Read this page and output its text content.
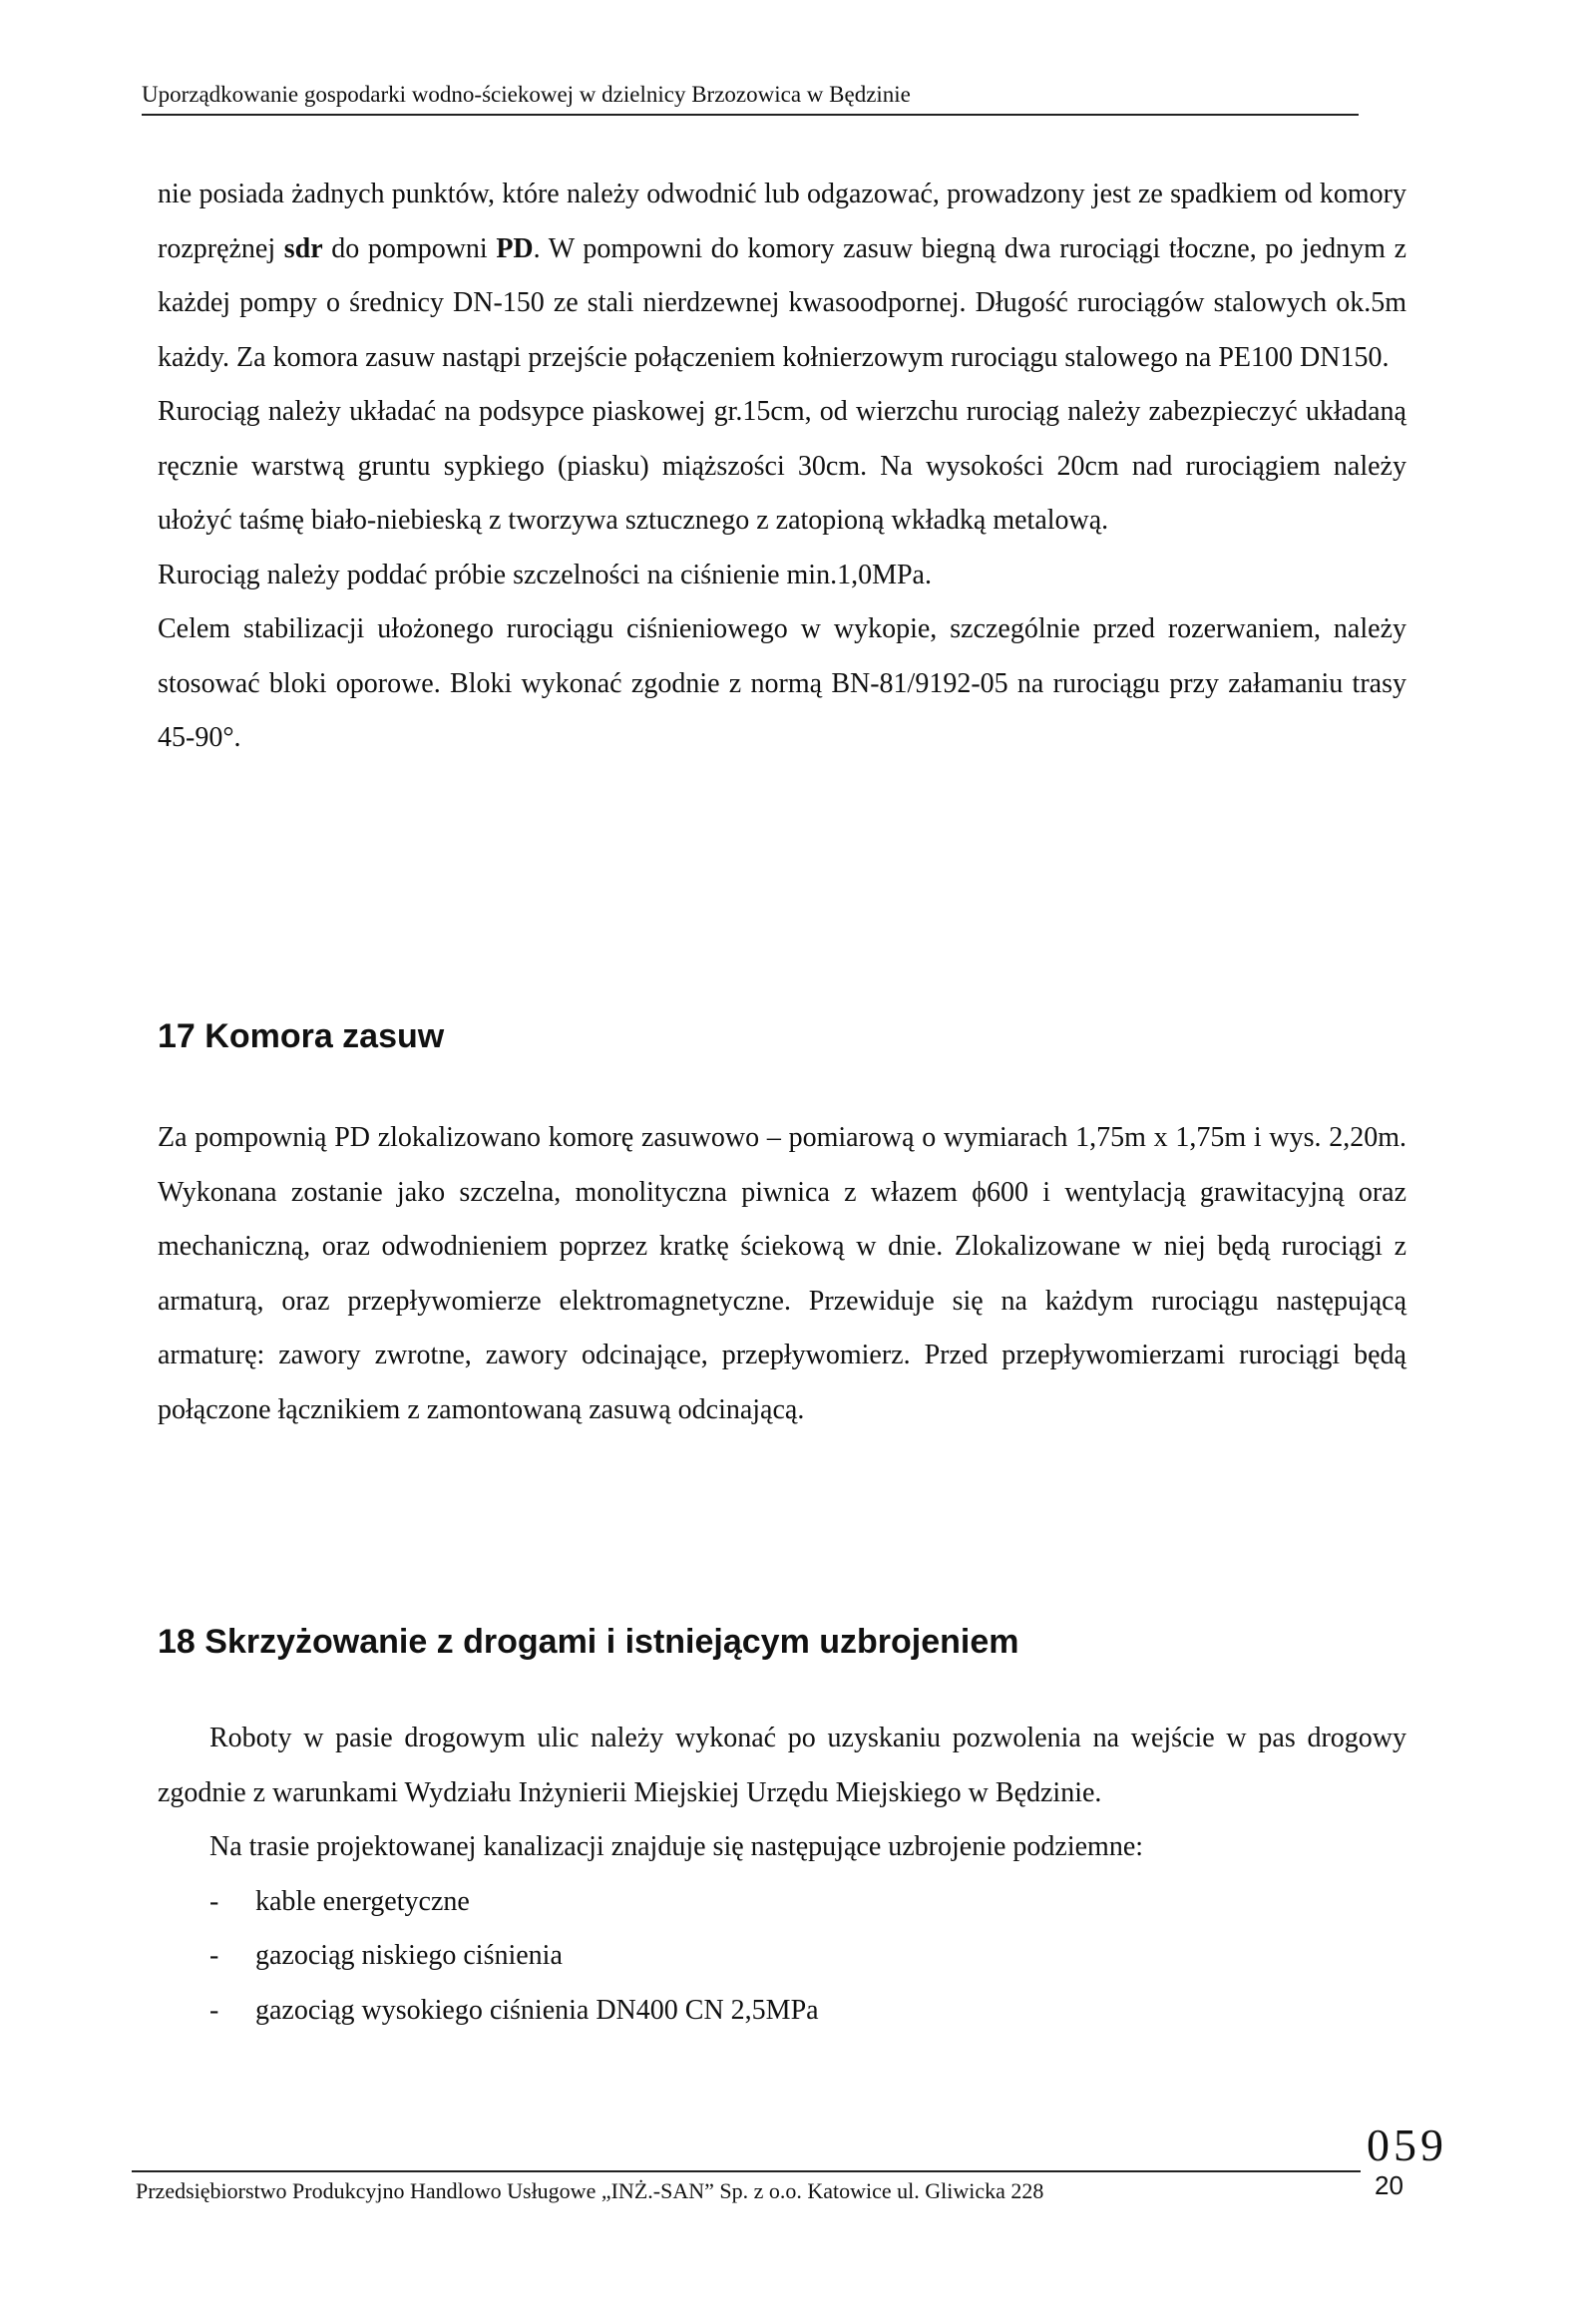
Uporządkowanie gospodarki wodno-ściekowej w dzielnicy Brzozowica w Będzinie

nie posiada żadnych punktów, które należy odwodnić lub odgazować, prowadzony jest ze spadkiem od komory rozprężnej sdr do pompowni PD. W pompowni do komory zasuw biegną dwa rurociągi tłoczne, po jednym z każdej pompy o średnicy DN-150 ze stali nierdzewnej kwasoodpornej. Długość rurociągów stalowych ok.5m każdy. Za komora zasuw nastąpi przejście połączeniem kołnierzowym rurociągu stalowego na PE100 DN150.

Rurociąg należy układać na podsypce piaskowej gr.15cm, od wierzchu rurociąg należy zabezpieczyć układaną ręcznie warstwą gruntu sypkiego (piasku) miąższości 30cm. Na wysokości 20cm nad rurociągiem należy ułożyć taśmę biało-niebieską z tworzywa sztucznego z zatopioną wkładką metalową.

Rurociąg należy poddać próbie szczelności na ciśnienie min.1,0MPa.

Celem stabilizacji ułożonego rurociągu ciśnieniowego w wykopie, szczególnie przed rozerwaniem, należy stosować bloki oporowe. Bloki wykonać zgodnie z normą BN-81/9192-05 na rurociągu przy załamaniu trasy 45-90°.

17 Komora zasuw

Za pompownią PD zlokalizowano komorę zasuwowo – pomiarową o wymiarach 1,75m x 1,75m i wys. 2,20m. Wykonana zostanie jako szczelna, monolityczna piwnica z włazem ϕ600 i wentylacją grawitacyjną oraz mechaniczną, oraz odwodnieniem poprzez kratkę ściekową w dnie. Zlokalizowane w niej będą rurociągi z armaturą, oraz przepływomierze elektromagnetyczne. Przewiduje się na każdym rurociągu następującą armaturę: zawory zwrotne, zawory odcinające, przepływomierz. Przed przepływomierzami rurociągi będą połączone łącznikiem z zamontowaną zasuwą odcinającą.

18 Skrzyżowanie z drogami i istniejącym uzbrojeniem

Roboty w pasie drogowym ulic należy wykonać po uzyskaniu pozwolenia na wejście w pas drogowy zgodnie z warunkami Wydziału Inżynierii Miejskiej Urzędu Miejskiego w Będzinie.

Na trasie projektowanej kanalizacji znajduje się następujące uzbrojenie podziemne:

- kable energetyczne
- gazociąg niskiego ciśnienia
- gazociąg wysokiego ciśnienia DN400 CN 2,5MPa
059
Przedsiębiorstwo Produkcyjno Handlowo Usługowe „INŻ.-SAN” Sp. z o.o. Katowice ul. Gliwicka 228	20
